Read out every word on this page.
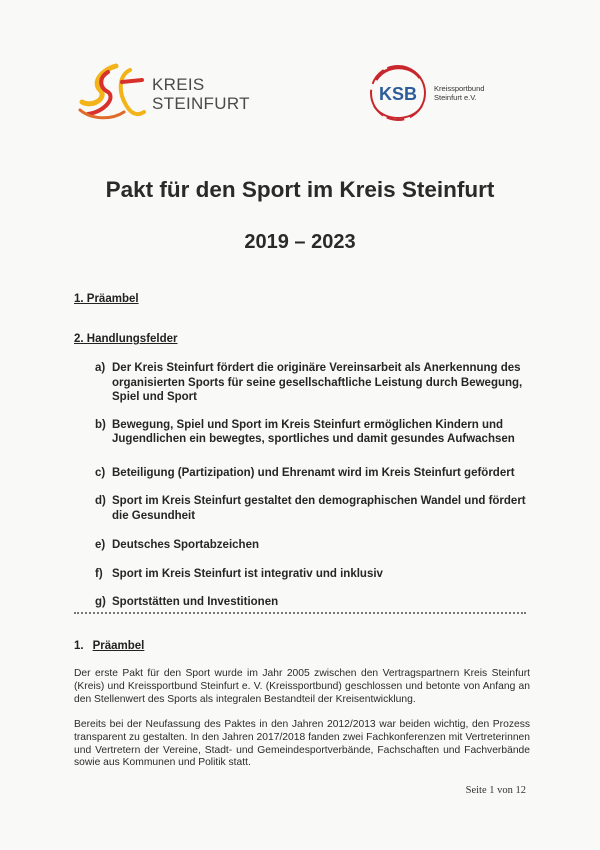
KREIS
STEINFURT	KSB Kreissportbund
Steinfurt e.V.
Pakt für den Sport im Kreis Steinfurt
2019 – 2023
1. Präambel
2. Handlungsfelder
a) Der Kreis Steinfurt fördert die originäre Vereinsarbeit als Anerkennung des organisierten Sports für seine gesellschaftliche Leistung durch Bewegung, Spiel und Sport
b) Bewegung, Spiel und Sport im Kreis Steinfurt ermöglichen Kindern und Jugendlichen ein bewegtes, sportliches und damit gesundes Aufwachsen
c) Beteiligung (Partizipation) und Ehrenamt wird im Kreis Steinfurt gefördert
d) Sport im Kreis Steinfurt gestaltet den demographischen Wandel und fördert die Gesundheit
e) Deutsches Sportabzeichen
f) Sport im Kreis Steinfurt ist integrativ und inklusiv
g) Sportstätten und Investitionen
1. Präambel
Der erste Pakt für den Sport wurde im Jahr 2005 zwischen den Vertragspartnern Kreis Steinfurt (Kreis) und Kreissportbund Steinfurt e. V. (Kreissportbund) geschlossen und betonte von Anfang an den Stellenwert des Sports als integralen Bestandteil der Kreisentwicklung.
Bereits bei der Neufassung des Paktes in den Jahren 2012/2013 war beiden wichtig, den Prozess transparent zu gestalten. In den Jahren 2017/2018 fanden zwei Fachkonferenzen mit Vertreterinnen und Vertretern der Vereine, Stadt- und Gemeindesportverbände, Fachschaften und Fachverbände sowie aus Kommunen und Politik statt.
Seite 1 von 12
